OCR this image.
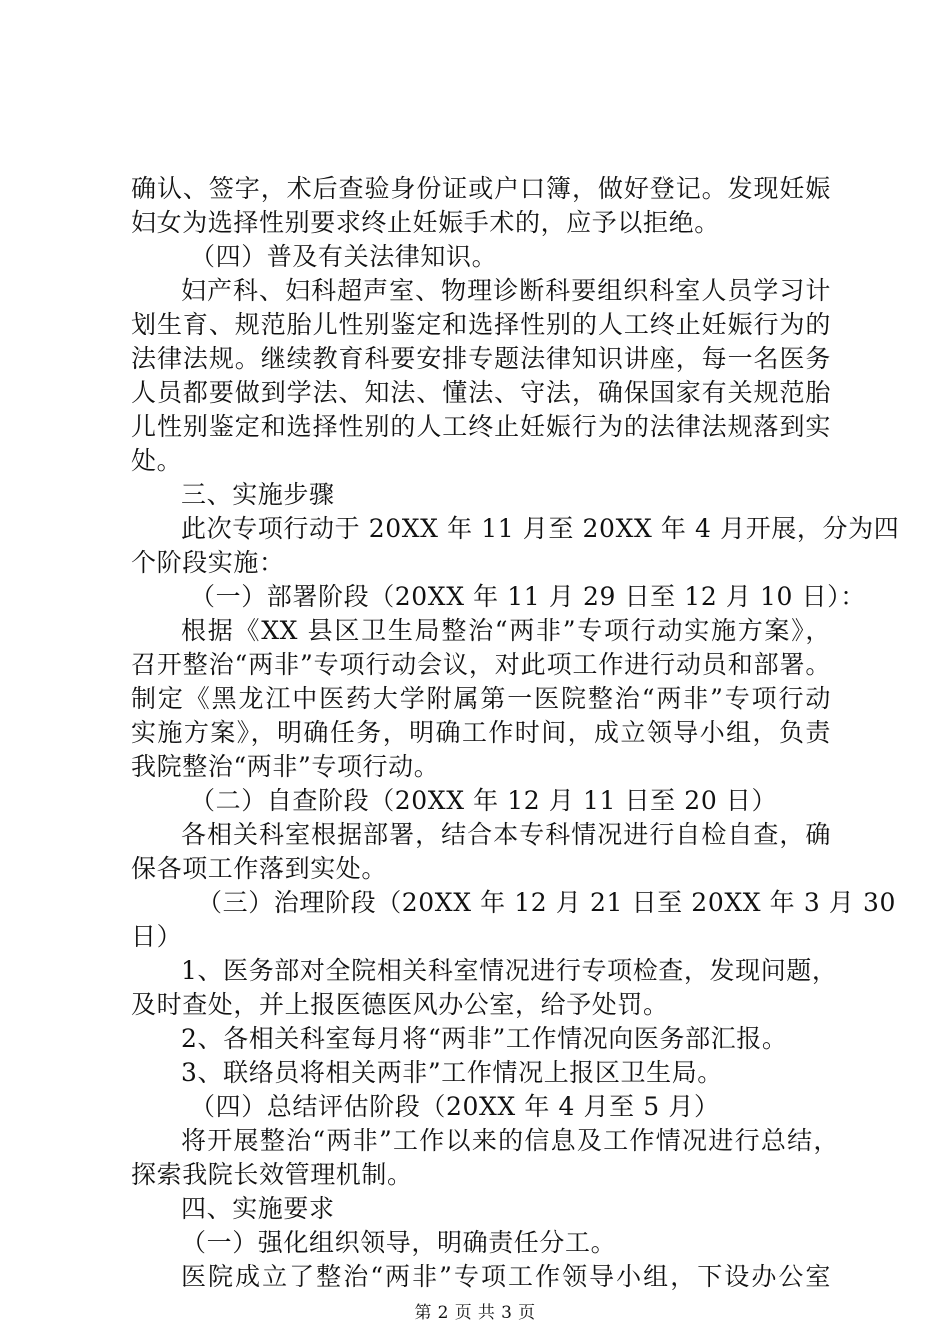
确认、签字，术后查验身份证或户口簿，做好登记。发现妊娠
妇女为选择性别要求终止妊娠手术的，应予以拒绝。
（四）普及有关法律知识。
妇产科、妇科超声室、物理诊断科要组织科室人员学习计
划生育、规范胎儿性别鉴定和选择性别的人工终止妊娠行为的
法律法规。继续教育科要安排专题法律知识讲座，每一名医务
人员都要做到学法、知法、懂法、守法，确保国家有关规范胎
儿性别鉴定和选择性别的人工终止妊娠行为的法律法规落到实
处。
三、实施步骤
此次专项行动于 20XX 年 11 月至 20XX 年 4 月开展，分为四
个阶段实施：
（一）部署阶段（20XX 年 11 月 29 日至 12 月 10 日）：
根据《XX 县区卫生局整治“两非”专项行动实施方案》，
召开整治“两非”专项行动会议，对此项工作进行动员和部署。
制定《黑龙江中医药大学附属第一医院整治“两非”专项行动
实施方案》，明确任务，明确工作时间，成立领导小组，负责
我院整治“两非”专项行动。
（二）自查阶段（20XX 年 12 月 11 日至 20 日）
各相关科室根据部署，结合本专科情况进行自检自查，确
保各项工作落到实处。
（三）治理阶段（20XX 年 12 月 21 日至 20XX 年 3 月 30
日）
1、医务部对全院相关科室情况进行专项检查，发现问题，
及时查处，并上报医德医风办公室，给予处罚。
2、各相关科室每月将“两非”工作情况向医务部汇报。
3、联络员将相关两非”工作情况上报区卫生局。
（四）总结评估阶段（20XX 年 4 月至 5 月）
将开展整治“两非”工作以来的信息及工作情况进行总结，
探索我院长效管理机制。
四、实施要求
（一）强化组织领导，明确责任分工。
医院成立了整治“两非”专项工作领导小组，下设办公室
第 2 页 共 3 页
